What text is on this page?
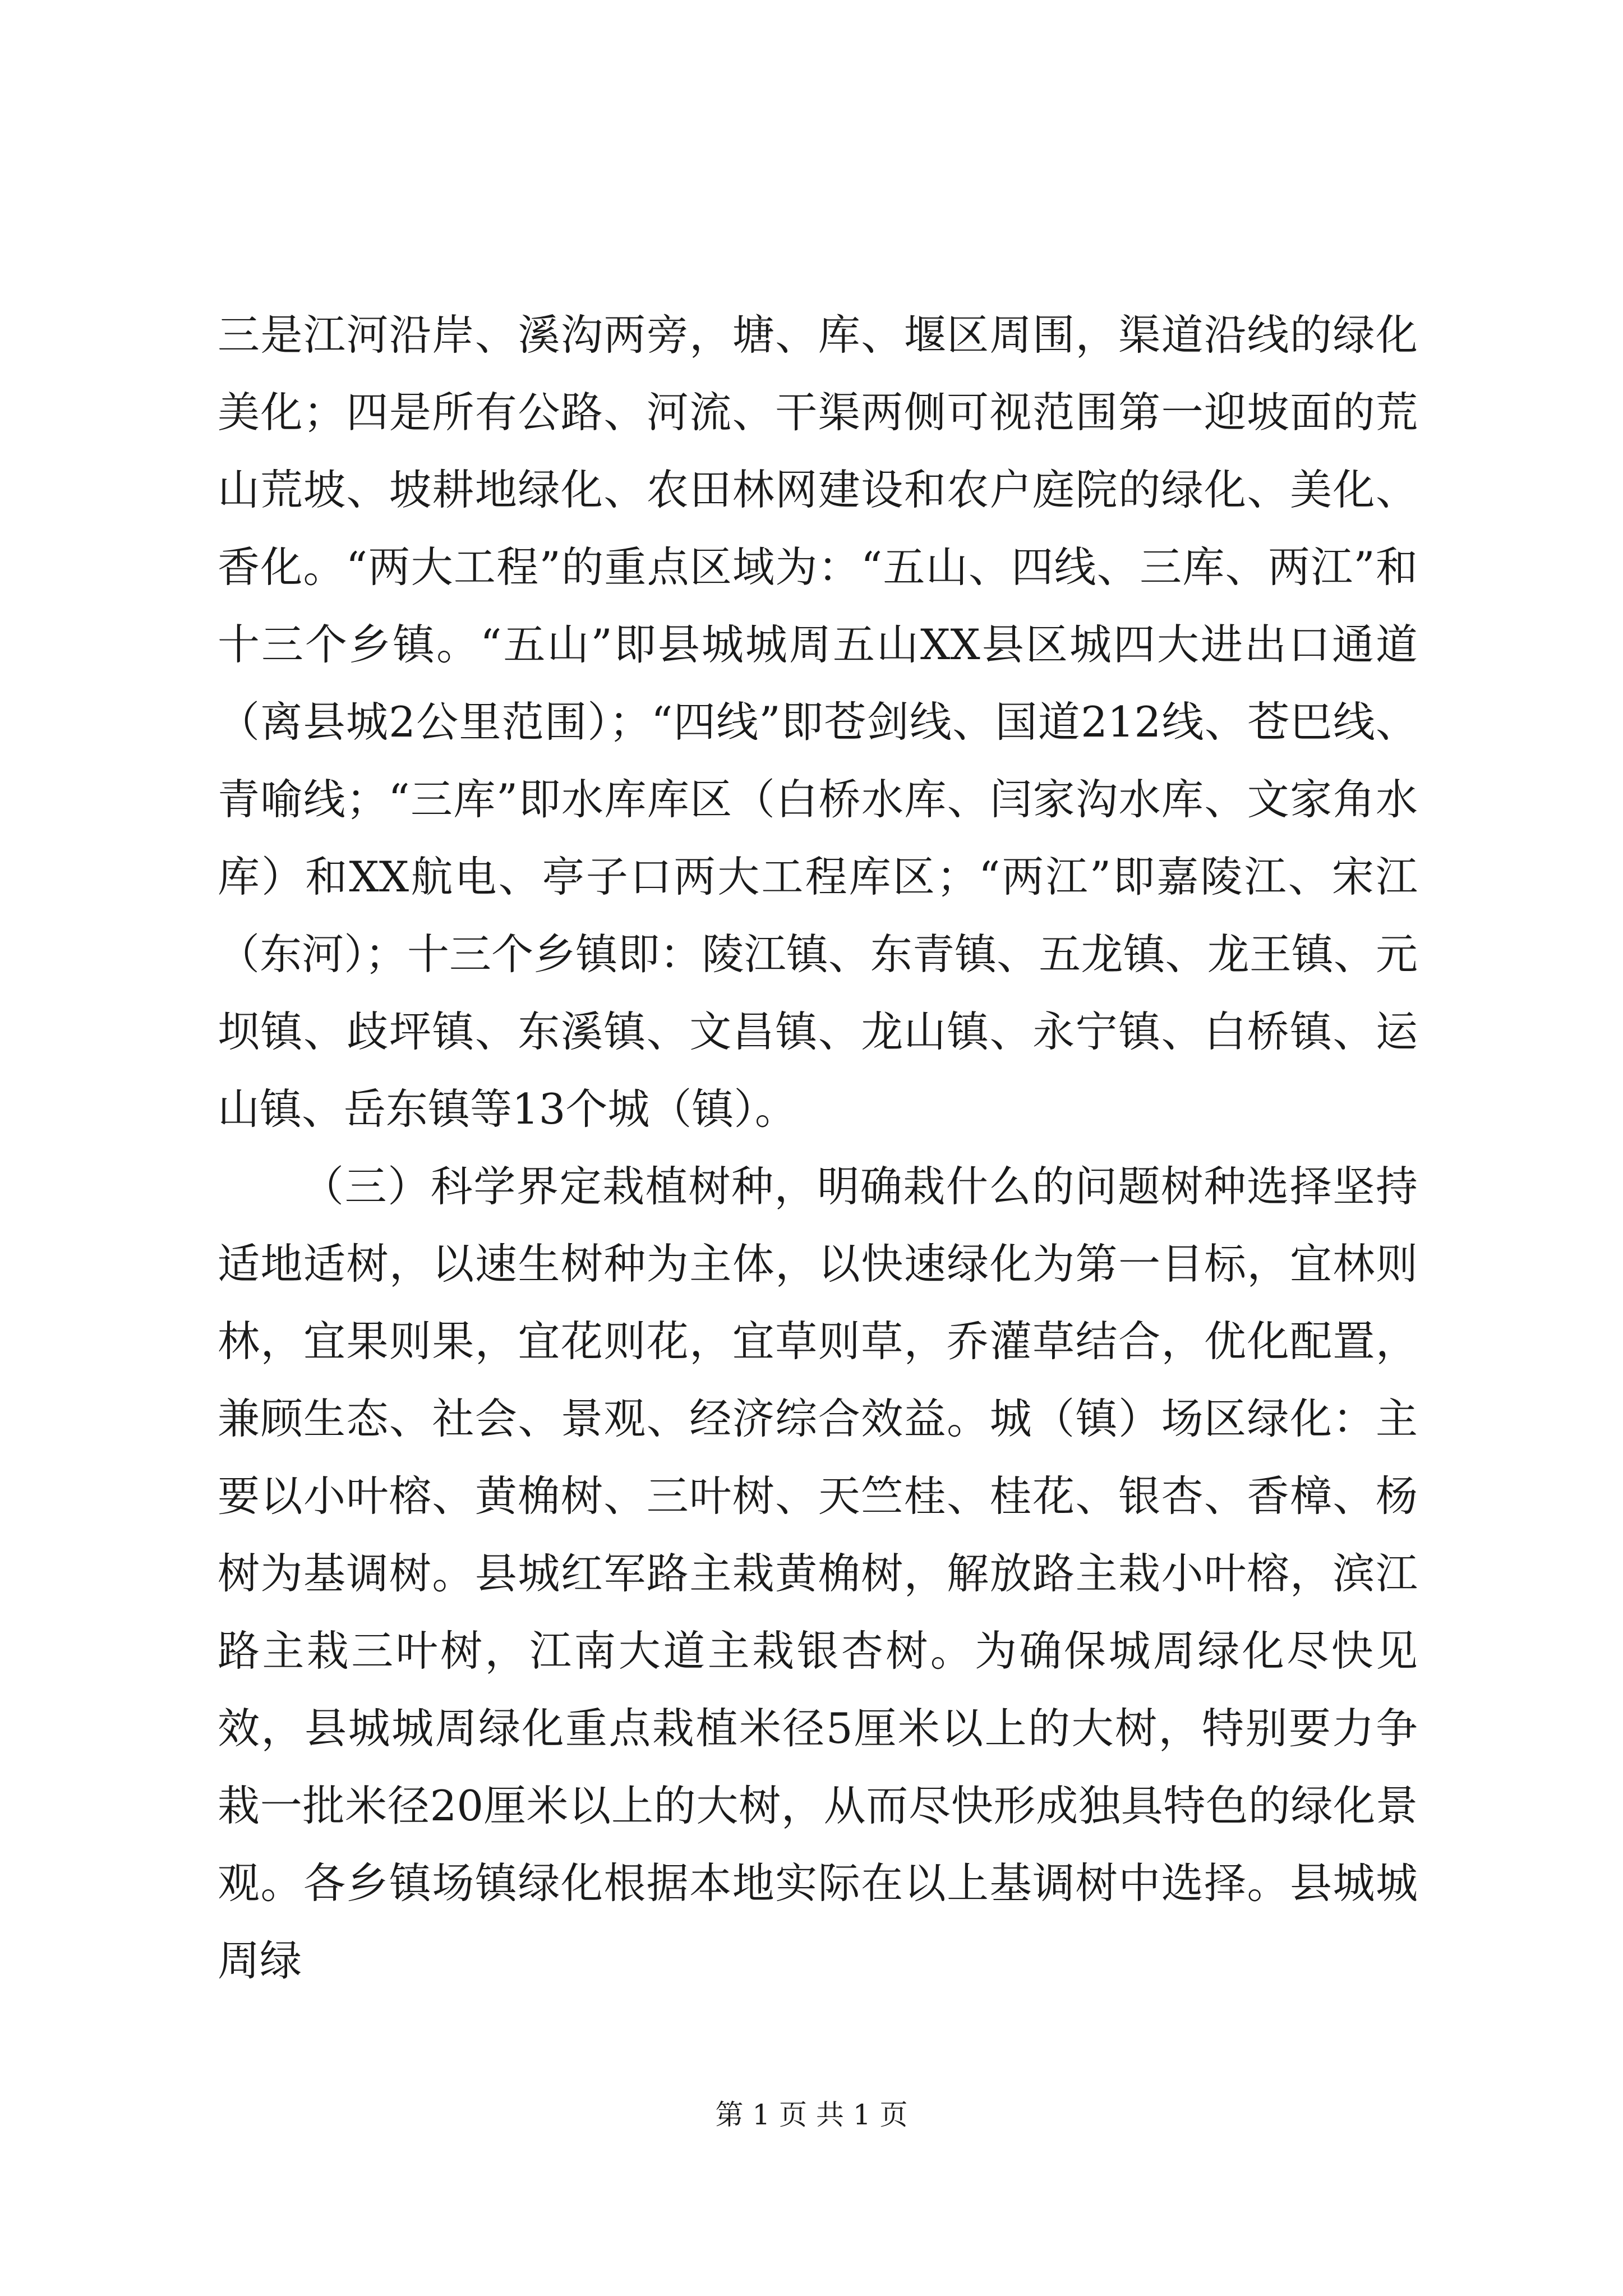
三是江河沿岸、溪沟两旁，塘、库、堰区周围，渠道沿线的绿化美化；四是所有公路、河流、干渠两侧可视范围第一迎坡面的荒山荒坡、坡耕地绿化、农田林网建设和农户庭院的绿化、美化、香化。“两大工程”的重点区域为：“五山、四线、三库、两江”和十三个乡镇。“五山”即县城城周五山XX县区城四大进出口通道（离县城2公里范围）；“四线”即苍剑线、国道212线、苍巴线、青喻线；“三库”即水库库区（白桥水库、闫家沟水库、文家角水库）和XX航电、亭子口两大工程库区；“两江”即嘉陵江、宋江（东河）；十三个乡镇即：陵江镇、东青镇、五龙镇、龙王镇、元坝镇、歧坪镇、东溪镇、文昌镇、龙山镇、永宁镇、白桥镇、运山镇、岳东镇等13个城（镇）。

（三）科学界定栽植树种，明确栽什么的问题树种选择坚持适地适树，以速生树种为主体，以快速绿化为第一目标，宜林则林，宜果则果，宜花则花，宜草则草，乔灌草结合，优化配置，兼顾生态、社会、景观、经济综合效益。城（镇）场区绿化：主要以小叶榕、黄桷树、三叶树、天竺桂、桂花、银杏、香樟、杨树为基调树。县城红军路主栽黄桷树，解放路主栽小叶榕，滨江路主栽三叶树，江南大道主栽银杏树。为确保城周绿化尽快见效，县城城周绿化重点栽植米径5厘米以上的大树，特别要力争栽一批米径20厘米以上的大树，从而尽快形成独具特色的绿化景观。各乡镇场镇绿化根据本地实际在以上基调树中选择。县城城周绿

第 1 页 共 1 页
